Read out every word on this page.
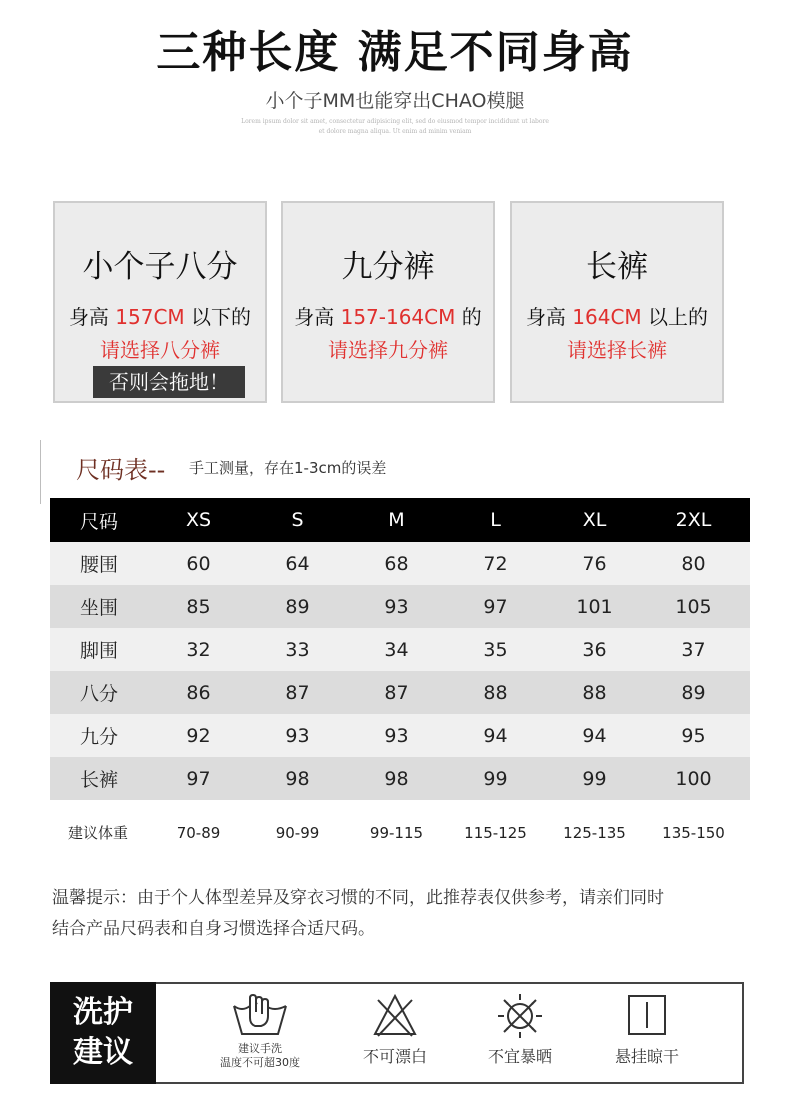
三种长度 满足不同身高
小个子MM也能穿出CHAO模腿
Lorem ipsum dolor sit amet, consectetur adipisicing elit, sed do eiusmod tempor incididunt ut labore
et dolore magna aliqua. Ut enim ad minim veniam
小个子八分
身高 157CM 以下的
请选择八分裤
否则会拖地！
九分裤
身高 157-164CM 的
请选择九分裤
长裤
身高 164CM 以上的
请选择长裤
尺码表-- 手工测量，存在1-3cm的误差
尺码	XS	S	M	L	XL	2XL
腰围	60	64	68	72	76	80
坐围	85	89	93	97	101	105
脚围	32	33	34	35	36	37
八分	86	87	87	88	88	89
九分	92	93	93	94	94	95
长裤	97	98	98	99	99	100
建议体重	70-89	90-99	99-115	115-125	125-135	135-150
温馨提示：由于个人体型差异及穿衣习惯的不同，此推荐表仅供参考，请亲们同时
结合产品尺码表和自身习惯选择合适尺码。
洗护
建议	建议手洗
温度不可超30度	不可漂白	不宜暴晒	悬挂晾干
